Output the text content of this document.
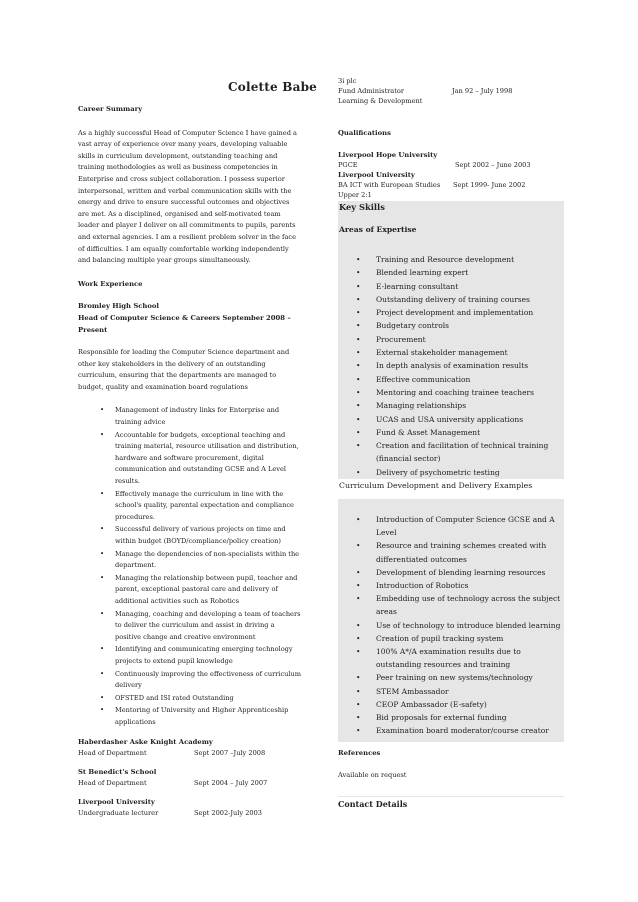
Colette Babe
Career Summary
As a highly successful Head of Computer Science I have gained a vast array of experience over many years, developing valuable skills in curriculum development, outstanding teaching and training methodologies as well as business competencies in Enterprise and cross subject collaboration. I possess superior interpersonal, written and verbal communication skills with the energy and drive to ensure successful outcomes and objectives are met. As a disciplined, organised and self-motivated team leader and player I deliver on all commitments to pupils, parents and external agencies. I am a resilient problem solver in the face of difficulties. I am equally comfortable working independently and balancing multiple year groups simultaneously.
Work Experience
Bromley High School
Head of Computer Science & Careers September 2008 – Present
Responsible for leading the Computer Science department and other key stakeholders in the delivery of an outstanding curriculum, ensuring that the departments are managed to budget, quality and examination board regulations
• Management of industry links for Enterprise and training advice
• Accountable for budgets, exceptional teaching and training material, resource utilisation and distribution, hardware and software procurement, digital communication and outstanding GCSE and A Level results.
• Effectively manage the curriculum in line with the school's quality, parental expectation and compliance procedures.
• Successful delivery of various projects on time and within budget (BOYD/compliance/policy creation)
• Manage the dependencies of non-specialists within the department.
• Managing the relationship between pupil, teacher and parent, exceptional pastoral care and delivery of additional activities such as Robotics
• Managing, coaching and developing a team of teachers to deliver the curriculum and assist in driving a positive change and creative environment
• Identifying and communicating emerging technology projects to extend pupil knowledge
• Continuously improving the effectiveness of curriculum delivery
• OFSTED and ISI rated Outstanding
• Mentoring of University and Higher Apprenticeship applications
Haberdasher Aske Knight Academy
Head of Department	Sept 2007 –July 2008
St Benedict's School
Head of Department	Sept 2004 – July 2007
Liverpool University
Undergraduate lecturer	Sept 2002-July 2003
3i plc
Fund Administrator	Jan 92 – July 1998
Learning & Development
Qualifications
Liverpool Hope University
PGCE	Sept 2002 – June 2003
Liverpool University
BA ICT with European Studies	Sept 1999- June 2002
Upper 2:1
Key Skills
Areas of Expertise
• Training and Resource development
• Blended learning expert
• E-learning consultant
• Outstanding delivery of training courses
• Project development and implementation
• Budgetary controls
• Procurement
• External stakeholder management
• In depth analysis of examination results
• Effective communication
• Mentoring and coaching trainee teachers
• Managing relationships
• UCAS and USA university applications
• Fund & Asset Management
• Creation and facilitation of technical training (financial sector)
• Delivery of psychometric testing
Curriculum Development and Delivery Examples
• Introduction of Computer Science GCSE and A Level
• Resource and training schemes created with differentiated outcomes
• Development of blending learning resources
• Introduction of Robotics
• Embedding use of technology across the subject areas
• Use of technology to introduce blended learning
• Creation of pupil tracking system
• 100% A*/A examination results due to outstanding resources and training
• Peer training on new systems/technology
• STEM Ambassador
• CEOP Ambassador (E-safety)
• Bid proposals for external funding
• Examination board moderator/course creator
References
Available on request
Contact Details
